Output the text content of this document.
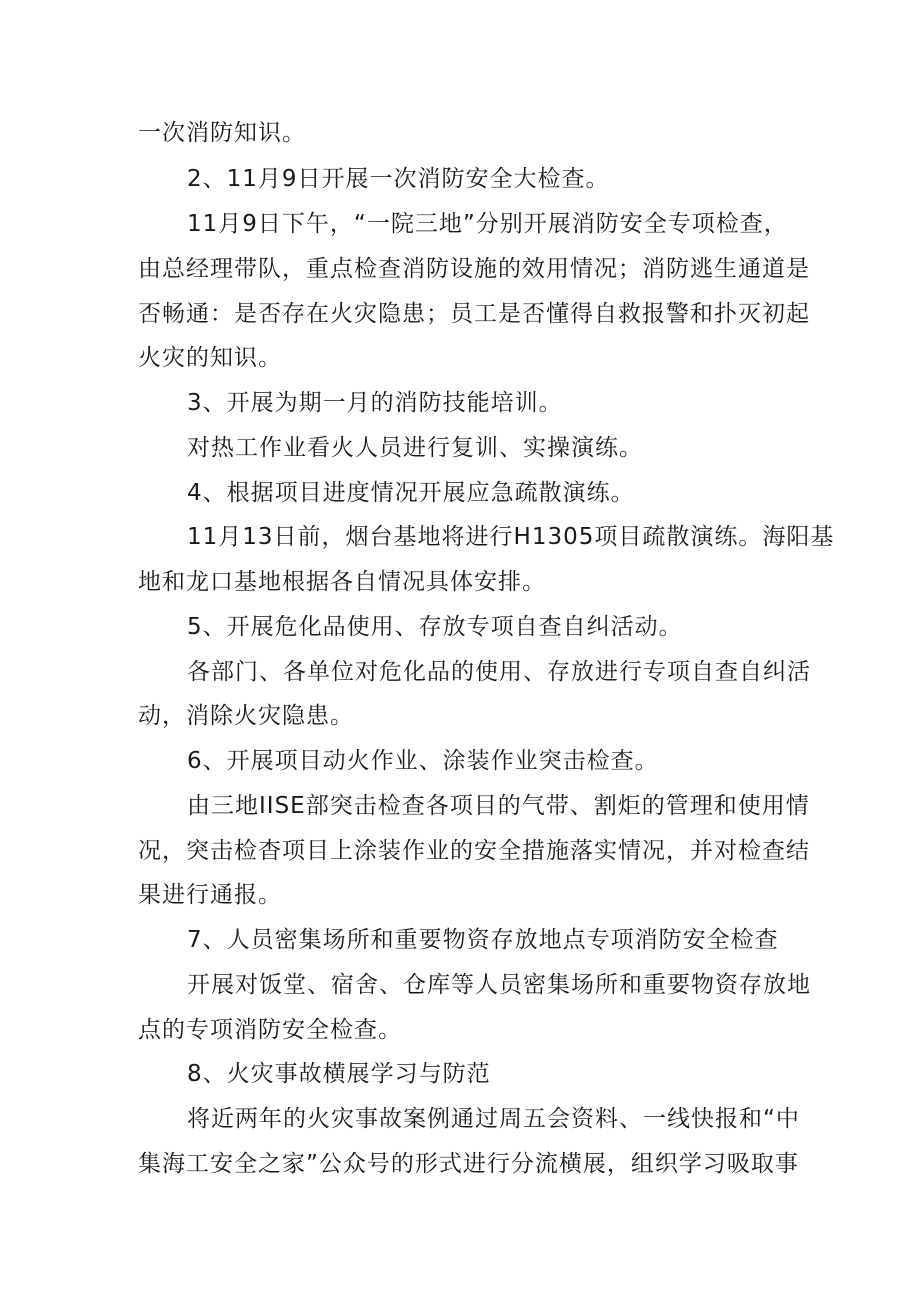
一次消防知识。
2、11月9日开展一次消防安全大检查。
11月9日下午，“一院三地”分别开展消防安全专项检查，
由总经理带队，重点检查消防设施的效用情况；消防逃生通道是
否畅通：是否存在火灾隐患；员工是否懂得自救报警和扑灭初起
火灾的知识。
3、开展为期一月的消防技能培训。
对热工作业看火人员进行复训、实操演练。
4、根据项目进度情况开展应急疏散演练。
11月13日前，烟台基地将进行H1305项目疏散演练。海阳基
地和龙口基地根据各自情况具体安排。
5、开展危化品使用、存放专项自查自纠活动。
各部门、各单位对危化品的使用、存放进行专项自查自纠活
动，消除火灾隐患。
6、开展项目动火作业、涂装作业突击检查。
由三地IISE部突击检查各项目的气带、割炬的管理和使用情
况，突击检杳项目上涂装作业的安全措施落实情况，并对检查结
果进行通报。
7、人员密集场所和重要物资存放地点专项消防安全检查
开展对饭堂、宿舍、仓库等人员密集场所和重要物资存放地
点的专项消防安全检查。
8、火灾事故横展学习与防范
将近两年的火灾事故案例通过周五会资料、一线快报和“中
集海工安全之家”公众号的形式进行分流横展，组织学习吸取事
